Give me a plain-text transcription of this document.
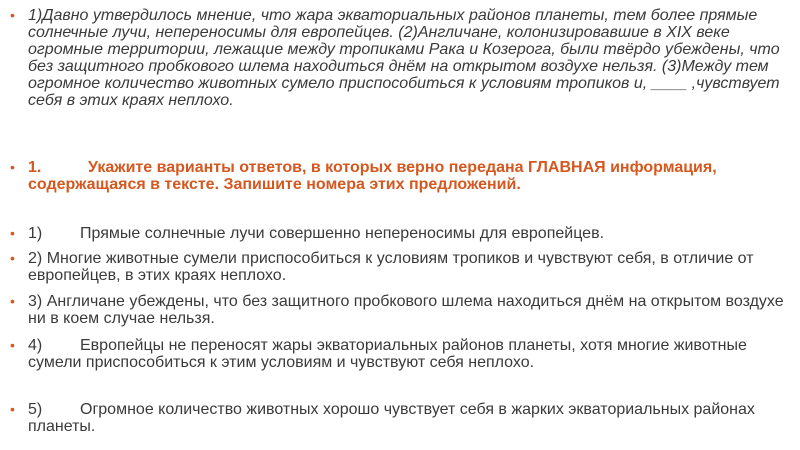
• 1)Давно утвердилось мнение, что жара экваториальных районов планеты, тем более прямые солнечные лучи, непереносимы для европейцев. (2)Англичане, колонизировавшие в XIX веке огромные территории, лежащие между тропиками Рака и Козерога, были твёрдо убеждены, что без защитного пробкового шлема находиться днём на открытом воздухе нельзя. (3)Между тем огромное количество животных сумело приспособиться к условиям тропиков и, ____ ,чувствует себя в этих краях неплохо.
• 1.	Укажите варианты ответов, в которых верно передана ГЛАВНАЯ информация, содержащаяся в тексте. Запишите номера этих предложений.
• 1) Прямые солнечные лучи совершенно непереносимы для европейцев.
• 2) Многие животные сумели приспособиться к условиям тропиков и чувствуют себя, в отличие от европейцев, в этих краях неплохо.
• 3) Англичане убеждены, что без защитного пробкового шлема находиться днём на открытом воздухе ни в коем случае нельзя.
• 4) Европейцы не переносят жары экваториальных районов планеты, хотя многие животные сумели приспособиться к этим условиям и чувствуют себя неплохо.
• 5) Огромное количество животных хорошо чувствует себя в жарких экваториальных районах планеты.
